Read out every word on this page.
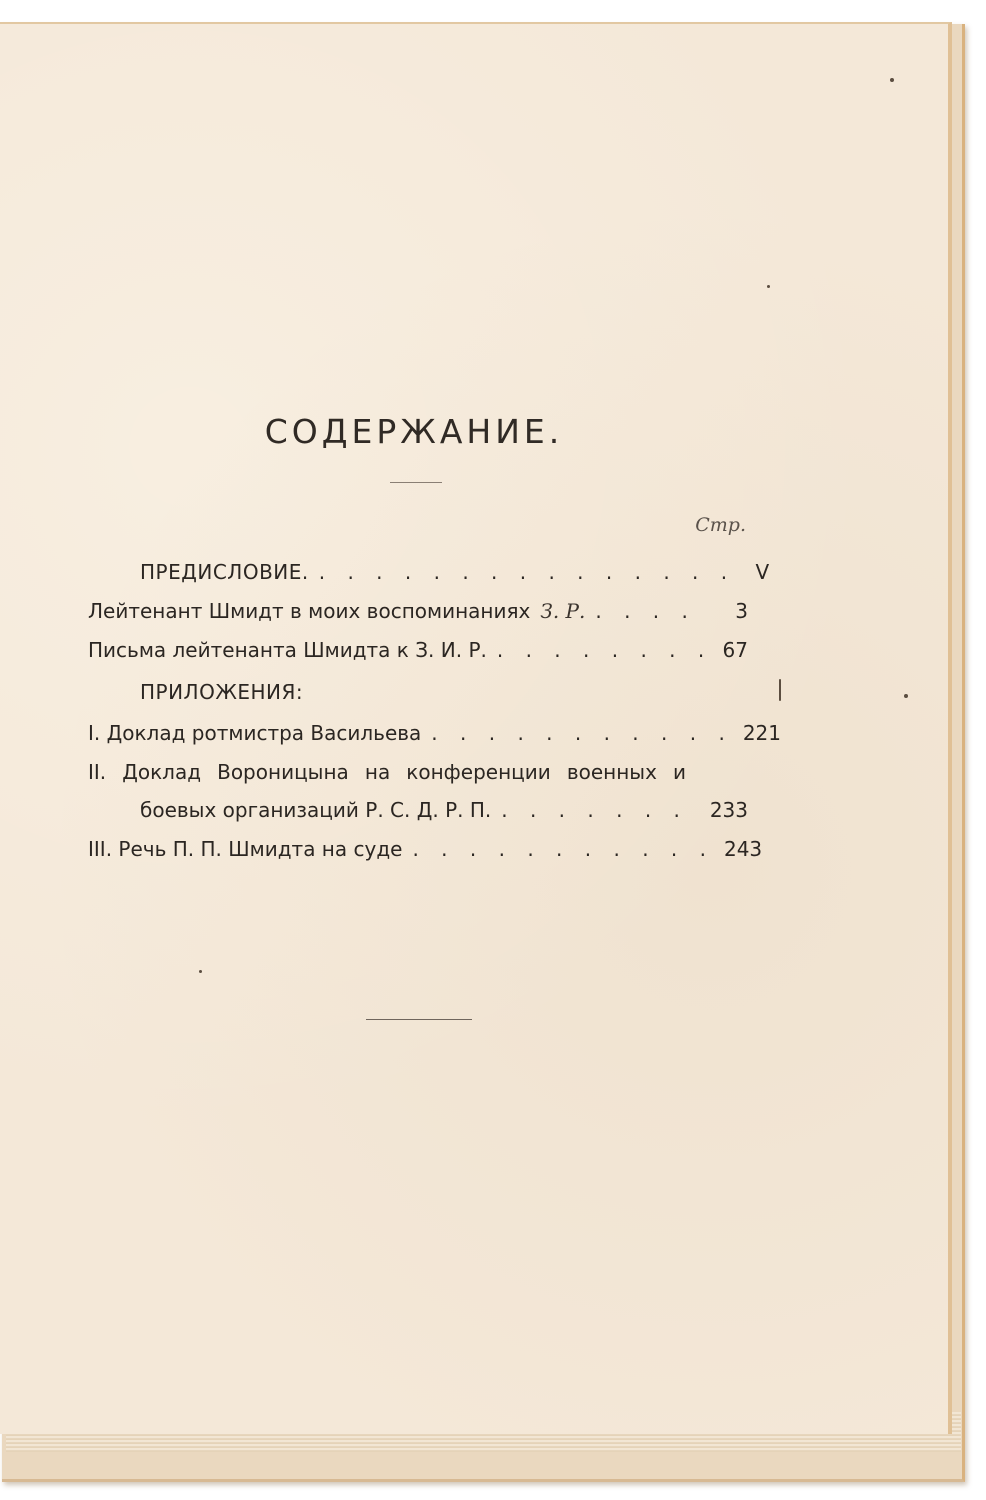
СОДЕРЖАНИЕ.
Стр.
ПРЕДИСЛОВИЕ. . . . . . . . . . . . . . . .	V
Лейтенант Шмидт в моих воспоминаниях З. Р. . . . .	3
Письма лейтенанта Шмидта к З. И. Р. . . . . . . . . 67
ПРИЛОЖЕНИЯ:
I. Доклад ротмистра Васильева . . . . . . . . . . . 221
II. Доклад Вороницына на конференции военных и
боевых организаций Р. С. Д. Р. П. . . . . . . .	233
III. Речь П. П. Шмидта на суде . . . . . . . . . . . 243
